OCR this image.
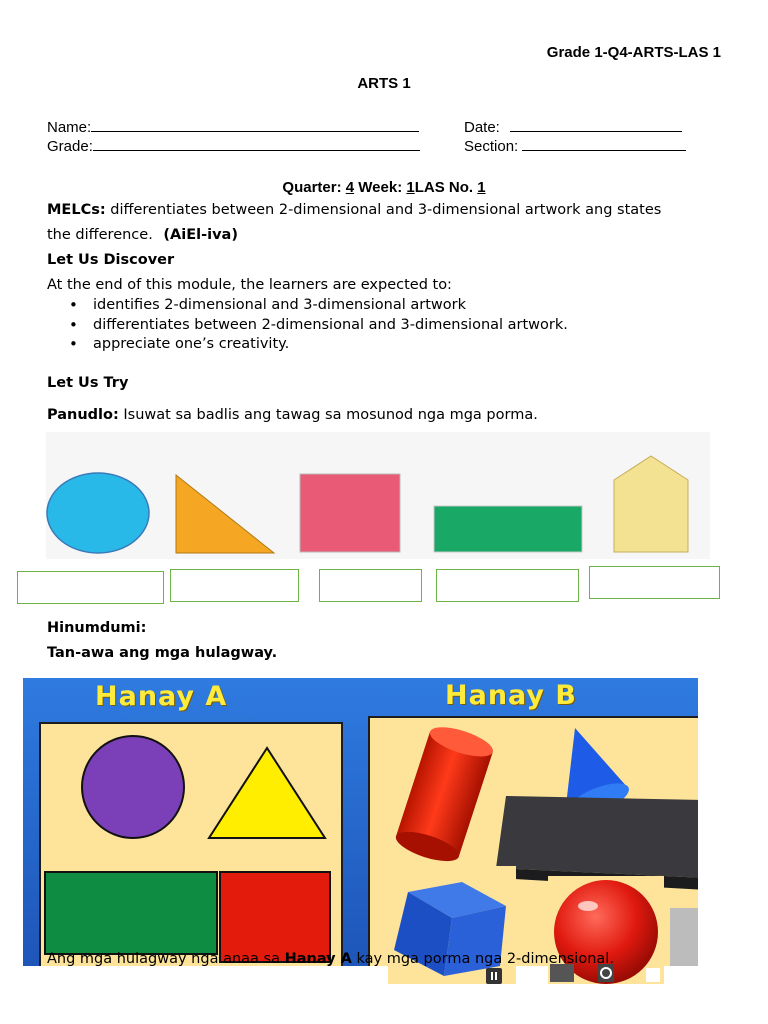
Grade 1-Q4-ARTS-LAS 1
ARTS 1
Name:
Grade:
Date:
Section:
Quarter: 4 Week: 1LAS No. 1
MELCs: differentiates between 2-dimensional and 3-dimensional artwork ang states
the difference. (AiEl-iva)
Let Us Discover
At the end of this module, the learners are expected to:
• identifies 2-dimensional and 3-dimensional artwork
• differentiates between 2-dimensional and 3-dimensional artwork.
• appreciate one’s creativity.
Let Us Try
Panudlo: Isuwat sa badlis ang tawag sa mosunod nga mga porma.
Hinumdumi:
Tan-awa ang mga hulagway.
Hanay A	Hanay B
Ang mga hulagway nga anaa sa Hanay A kay mga porma nga 2-dimensional.
